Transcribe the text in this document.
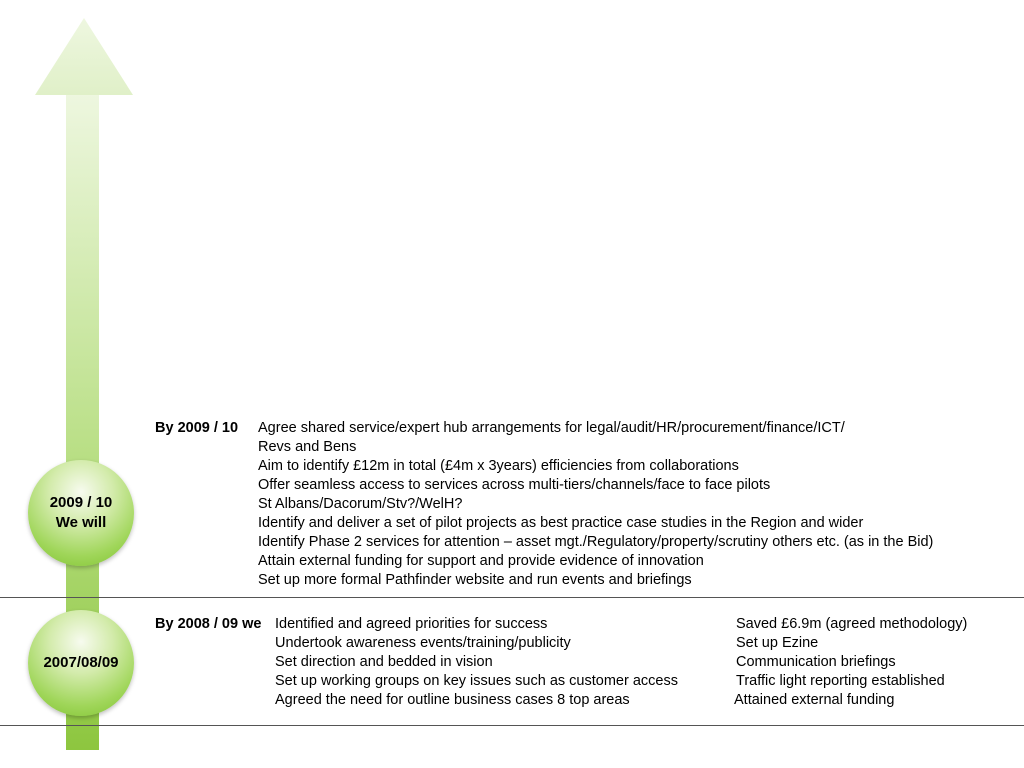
2009 / 10
We will
2007/08/09
By 2009 / 10 Agree shared service/expert hub arrangements for legal/audit/HR/procurement/finance/ICT/
Revs and Bens
Aim to identify £12m in total (£4m x 3years) efficiencies from collaborations
Offer seamless access to services across multi-tiers/channels/face to face pilots
St Albans/Dacorum/Stv?/WelH?
Identify and deliver a set of pilot projects as best practice case studies in the Region and wider
Identify Phase 2 services for attention – asset mgt./Regulatory/property/scrutiny others etc. (as in the Bid)
Attain external funding for support and provide evidence of innovation
Set up more formal Pathfinder website and run events and briefings
By 2008 / 09 we Identified and agreed priorities for success
Undertook awareness events/training/publicity
Set direction and bedded in vision
Set up working groups on key issues such as customer access
Agreed the need for outline business cases 8 top areas
Saved £6.9m (agreed methodology)
Set up Ezine
Communication briefings
Traffic light reporting established
Attained external funding
